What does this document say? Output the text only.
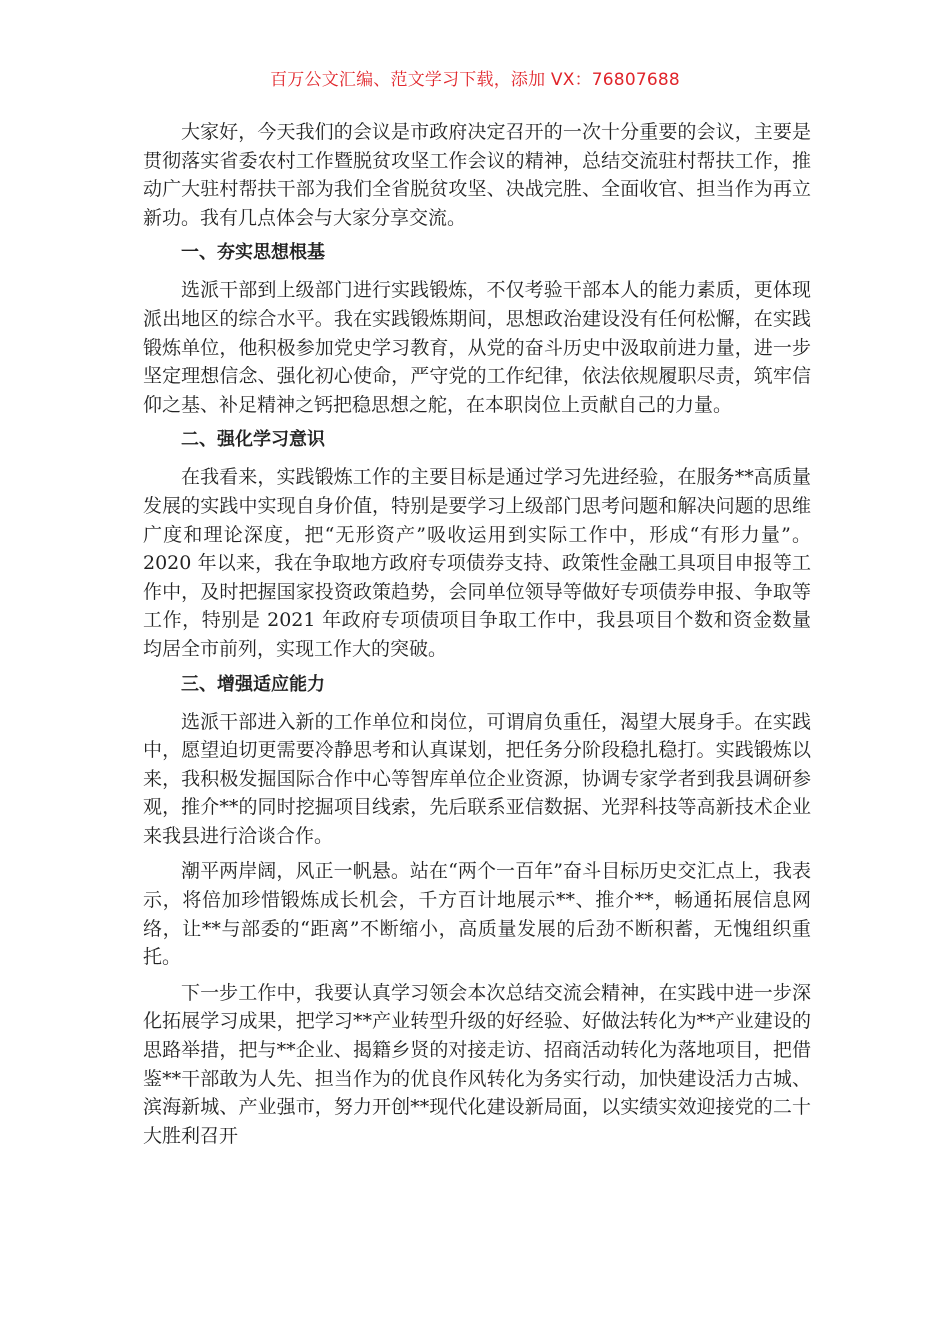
百万公文汇编、范文学习下载，添加 VX：76807688

大家好，今天我们的会议是市政府决定召开的一次十分重要的会议，主要是贯彻落实省委农村工作暨脱贫攻坚工作会议的精神，总结交流驻村帮扶工作，推动广大驻村帮扶干部为我们全省脱贫攻坚、决战完胜、全面收官、担当作为再立新功。我有几点体会与大家分享交流。

一、夯实思想根基

选派干部到上级部门进行实践锻炼，不仅考验干部本人的能力素质，更体现派出地区的综合水平。我在实践锻炼期间，思想政治建设没有任何松懈，在实践锻炼单位，他积极参加党史学习教育，从党的奋斗历史中汲取前进力量，进一步坚定理想信念、强化初心使命，严守党的工作纪律，依法依规履职尽责，筑牢信仰之基、补足精神之钙把稳思想之舵，在本职岗位上贡献自己的力量。

二、强化学习意识

在我看来，实践锻炼工作的主要目标是通过学习先进经验，在服务**高质量发展的实践中实现自身价值，特别是要学习上级部门思考问题和解决问题的思维广度和理论深度，把“无形资产”吸收运用到实际工作中，形成“有形力量”。2020 年以来，我在争取地方政府专项债券支持、政策性金融工具项目申报等工作中，及时把握国家投资政策趋势，会同单位领导等做好专项债券申报、争取等工作，特别是 2021 年政府专项债项目争取工作中，我县项目个数和资金数量均居全市前列，实现工作大的突破。

三、增强适应能力

选派干部进入新的工作单位和岗位，可谓肩负重任，渴望大展身手。在实践中，愿望迫切更需要冷静思考和认真谋划，把任务分阶段稳扎稳打。实践锻炼以来，我积极发掘国际合作中心等智库单位企业资源，协调专家学者到我县调研参观，推介**的同时挖掘项目线索，先后联系亚信数据、光羿科技等高新技术企业来我县进行洽谈合作。

潮平两岸阔，风正一帆悬。站在“两个一百年”奋斗目标历史交汇点上，我表示，将倍加珍惜锻炼成长机会，千方百计地展示**、推介**，畅通拓展信息网络，让**与部委的“距离”不断缩小，高质量发展的后劲不断积蓄，无愧组织重托。

下一步工作中，我要认真学习领会本次总结交流会精神，在实践中进一步深化拓展学习成果，把学习**产业转型升级的好经验、好做法转化为**产业建设的思路举措，把与**企业、揭籍乡贤的对接走访、招商活动转化为落地项目，把借鉴**干部敢为人先、担当作为的优良作风转化为务实行动，加快建设活力古城、滨海新城、产业强市，努力开创**现代化建设新局面，以实绩实效迎接党的二十大胜利召开
